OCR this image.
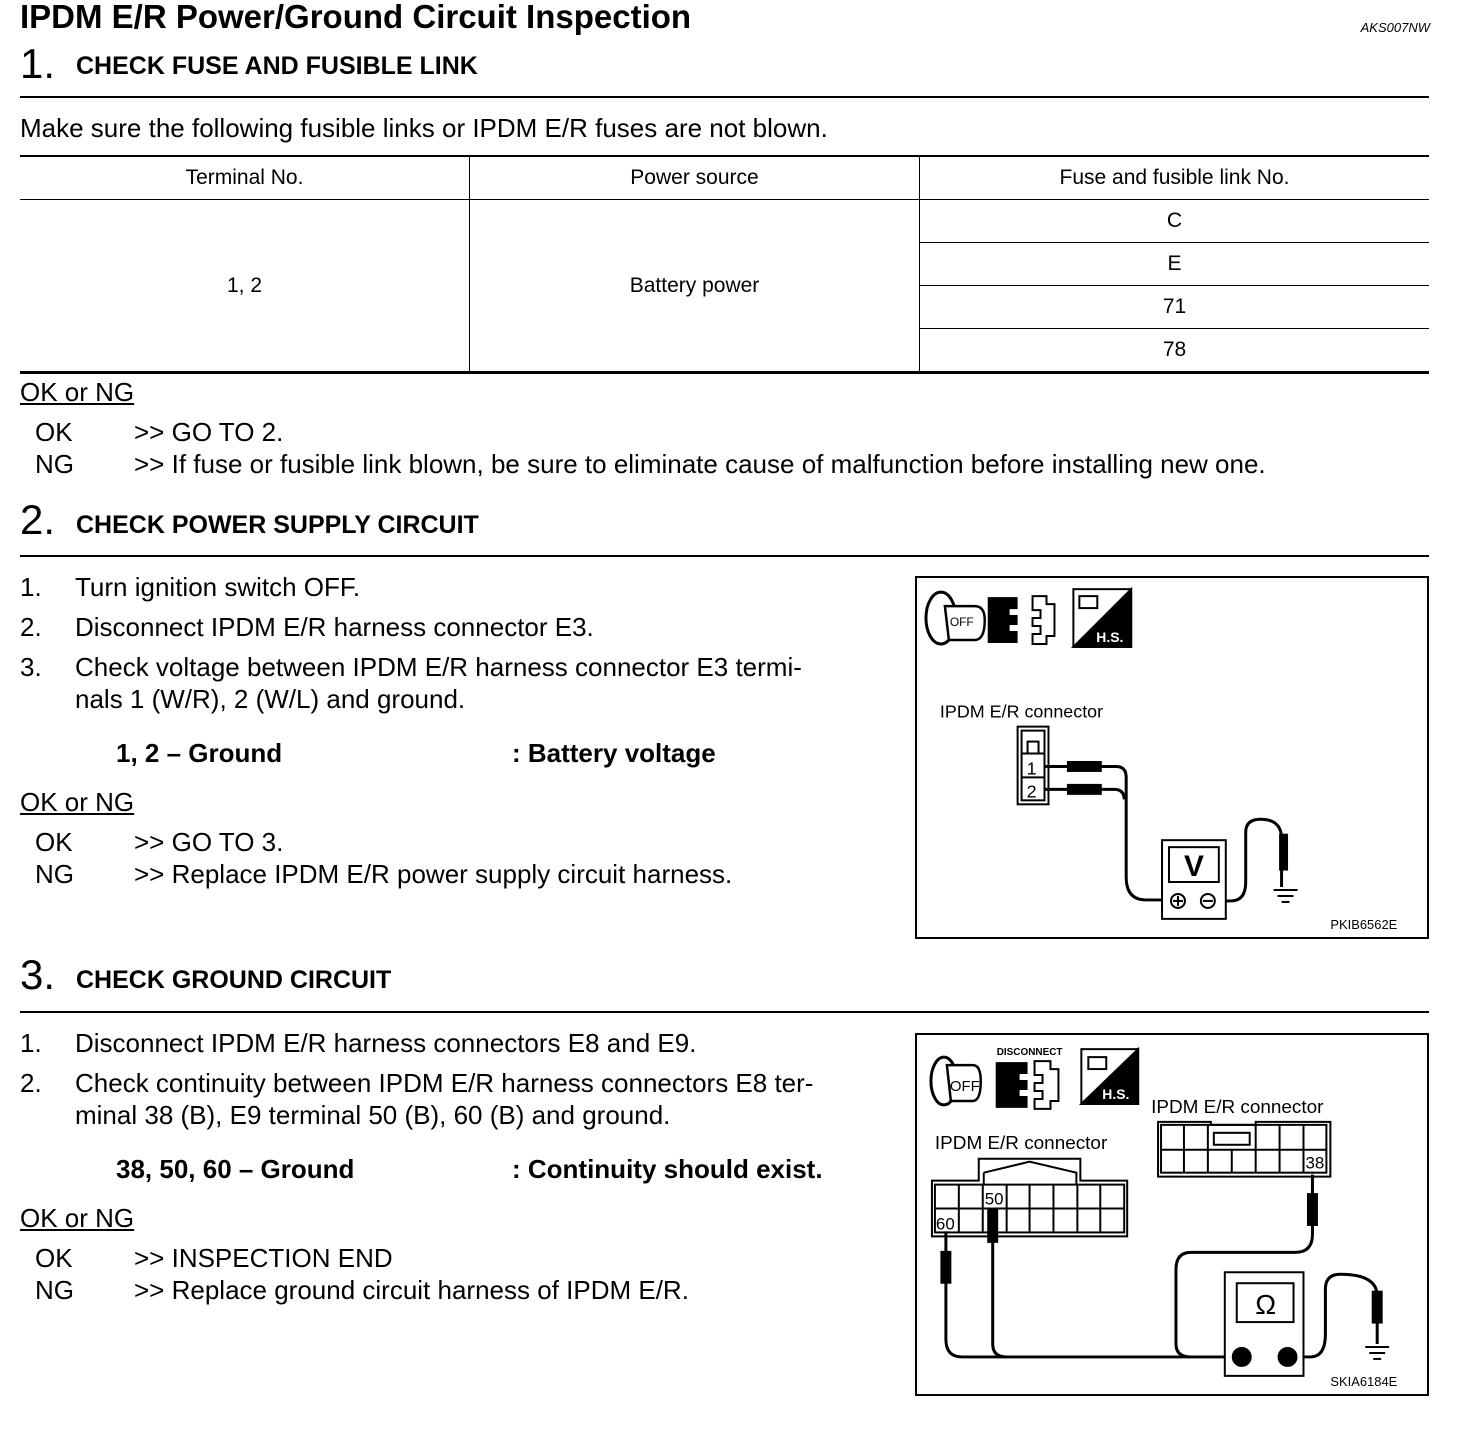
IPDM E/R Power/Ground Circuit Inspection	AKS007NW
1. CHECK FUSE AND FUSIBLE LINK
Make sure the following fusible links or IPDM E/R fuses are not blown.
Terminal No.	Power source	Fuse and fusible link No.
1, 2	Battery power	C
		E
		71
		78
OK or NG
OK >> GO TO 2.
NG >> If fuse or fusible link blown, be sure to eliminate cause of malfunction before installing new one.
2. CHECK POWER SUPPLY CIRCUIT
1. Turn ignition switch OFF.
2. Disconnect IPDM E/R harness connector E3.
3. Check voltage between IPDM E/R harness connector E3 termi-
nals 1 (W/R), 2 (W/L) and ground.
1, 2 – Ground	: Battery voltage
OK or NG
OK >> GO TO 3.
NG >> Replace IPDM E/R power supply circuit harness.
OFF
H.S.
IPDM E/R connector
1
2
V
PKIB6562E
3. CHECK GROUND CIRCUIT
1. Disconnect IPDM E/R harness connectors E8 and E9.
2. Check continuity between IPDM E/R harness connectors E8 ter-
minal 38 (B), E9 terminal 50 (B), 60 (B) and ground.
38, 50, 60 – Ground	: Continuity should exist.
OK or NG
OK >> INSPECTION END
NG >> Replace ground circuit harness of IPDM E/R.
OFF
DISCONNECT
H.S.
IPDM E/R connector
38
IPDM E/R connector
50
60
Ω
SKIA6184E
